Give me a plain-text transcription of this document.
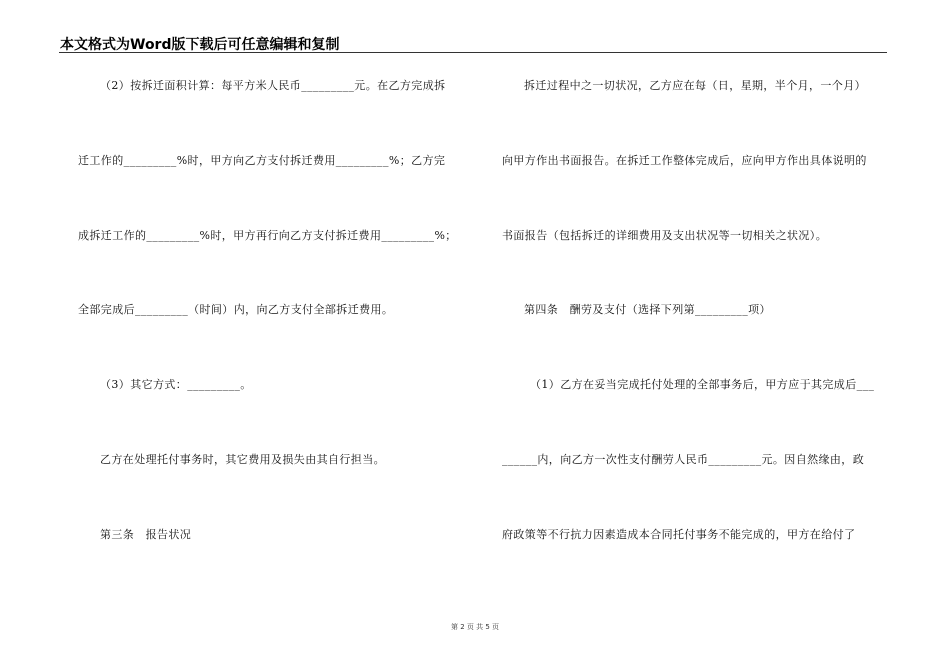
本文格式为Word版下载后可任意编辑和复制
（2）按拆迁面积计算：每平方米人民币_________元。在乙方完成拆
迁工作的_________%时，甲方向乙方支付拆迁费用_________%；乙方完
成拆迁工作的_________%时，甲方再行向乙方支付拆迁费用_________%；
全部完成后_________（时间）内，向乙方支付全部拆迁费用。
（3）其它方式：_________。
乙方在处理托付事务时，其它费用及损失由其自行担当。
第三条　报告状况
拆迁过程中之一切状况，乙方应在每（日，星期，半个月，一个月）
向甲方作出书面报告。在拆迁工作整体完成后，应向甲方作出具体说明的
书面报告（包括拆迁的详细费用及支出状况等一切相关之状况）。
第四条　酬劳及支付（选择下列第_________项）
（1）乙方在妥当完成托付处理的全部事务后，甲方应于其完成后___
______内，向乙方一次性支付酬劳人民币_________元。因自然缘由，政
府政策等不行抗力因素造成本合同托付事务不能完成的，甲方在给付了
第 2 页 共 5 页
